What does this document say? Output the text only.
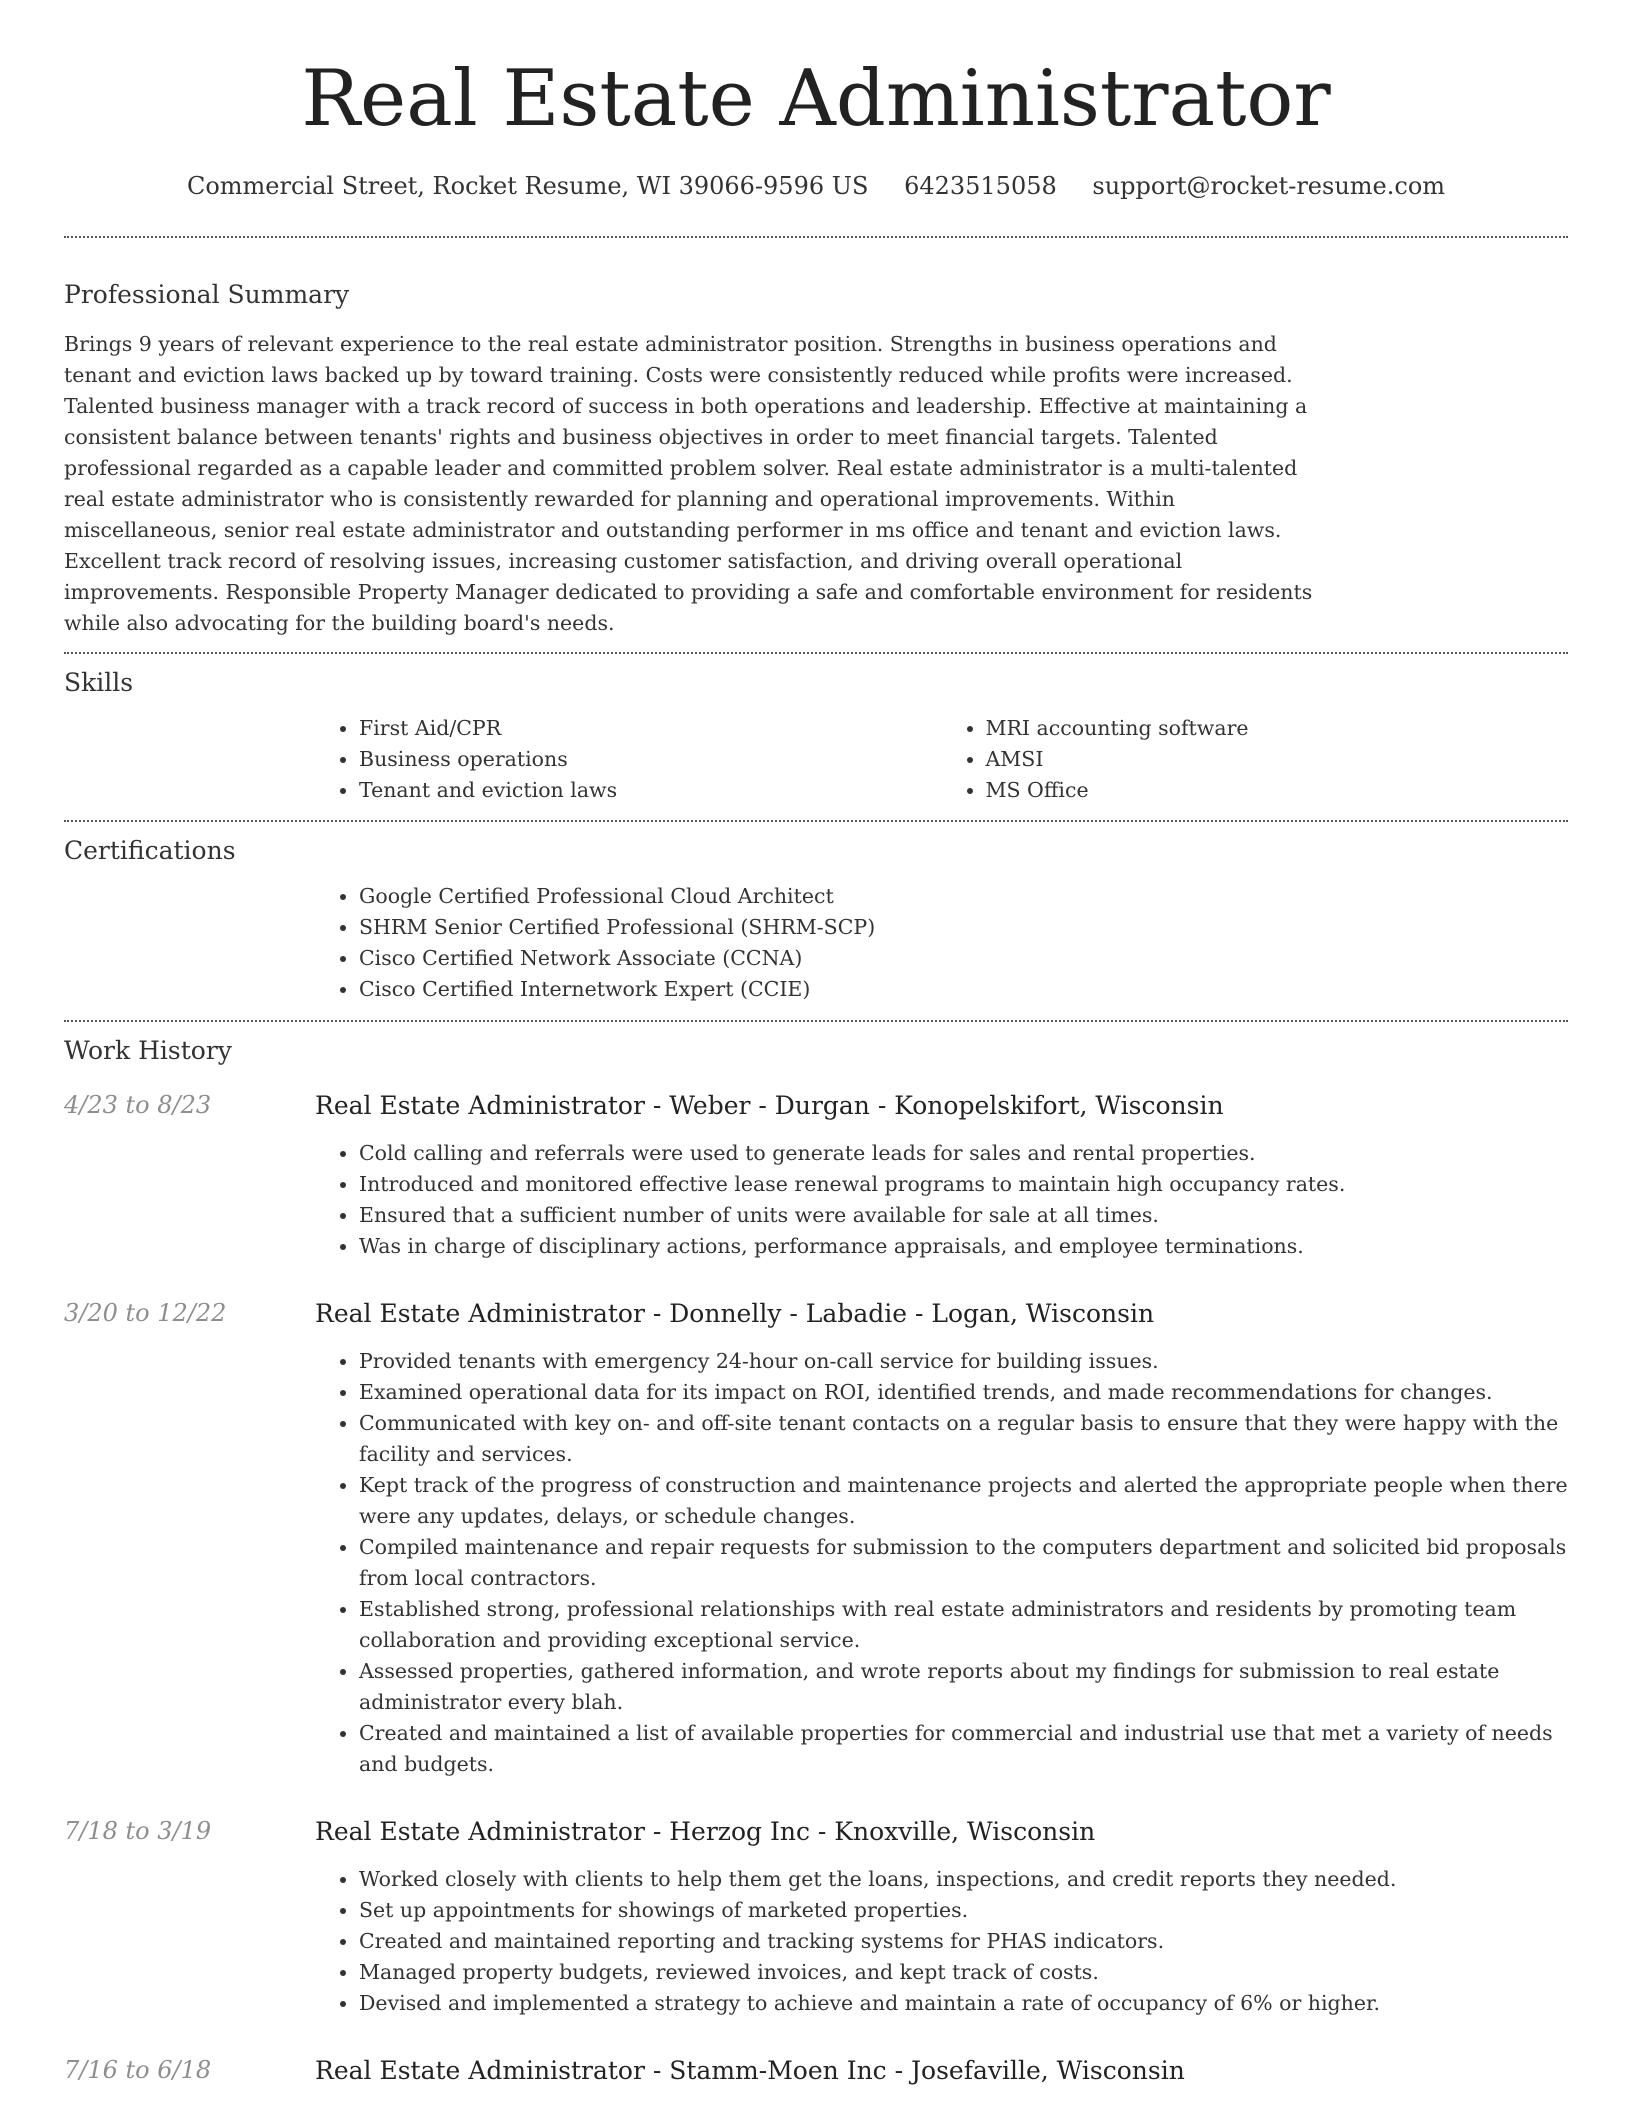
Real Estate Administrator
Commercial Street, Rocket Resume, WI 39066-9596 US 6423515058 support@rocket-resume.com
Professional Summary

Brings 9 years of relevant experience to the real estate administrator position. Strengths in business operations and tenant and eviction laws backed up by toward training. Costs were consistently reduced while profits were increased. Talented business manager with a track record of success in both operations and leadership. Effective at maintaining a consistent balance between tenants' rights and business objectives in order to meet financial targets. Talented professional regarded as a capable leader and committed problem solver. Real estate administrator is a multi-talented real estate administrator who is consistently rewarded for planning and operational improvements. Within miscellaneous, senior real estate administrator and outstanding performer in ms office and tenant and eviction laws. Excellent track record of resolving issues, increasing customer satisfaction, and driving overall operational improvements. Responsible Property Manager dedicated to providing a safe and comfortable environment for residents while also advocating for the building board's needs.

Skills
• First Aid/CPR
• Business operations
• Tenant and eviction laws
• MRI accounting software
• AMSI
• MS Office
Certifications
• Google Certified Professional Cloud Architect
• SHRM Senior Certified Professional (SHRM-SCP)
• Cisco Certified Network Associate (CCNA)
• Cisco Certified Internetwork Expert (CCIE)
Work History
4/23 to 8/23	Real Estate Administrator - Weber - Durgan - Konopelskifort, Wisconsin
• Cold calling and referrals were used to generate leads for sales and rental properties.
• Introduced and monitored effective lease renewal programs to maintain high occupancy rates.
• Ensured that a sufficient number of units were available for sale at all times.
• Was in charge of disciplinary actions, performance appraisals, and employee terminations.
3/20 to 12/22	Real Estate Administrator - Donnelly - Labadie - Logan, Wisconsin
• Provided tenants with emergency 24-hour on-call service for building issues.
• Examined operational data for its impact on ROI, identified trends, and made recommendations for changes.
• Communicated with key on- and off-site tenant contacts on a regular basis to ensure that they were happy with the facility and services.
• Kept track of the progress of construction and maintenance projects and alerted the appropriate people when there were any updates, delays, or schedule changes.
• Compiled maintenance and repair requests for submission to the computers department and solicited bid proposals from local contractors.
• Established strong, professional relationships with real estate administrators and residents by promoting team collaboration and providing exceptional service.
• Assessed properties, gathered information, and wrote reports about my findings for submission to real estate administrator every blah.
• Created and maintained a list of available properties for commercial and industrial use that met a variety of needs and budgets.
7/18 to 3/19	Real Estate Administrator - Herzog Inc - Knoxville, Wisconsin
• Worked closely with clients to help them get the loans, inspections, and credit reports they needed.
• Set up appointments for showings of marketed properties.
• Created and maintained reporting and tracking systems for PHAS indicators.
• Managed property budgets, reviewed invoices, and kept track of costs.
• Devised and implemented a strategy to achieve and maintain a rate of occupancy of 6% or higher.
7/16 to 6/18	Real Estate Administrator - Stamm-Moen Inc - Josefaville, Wisconsin
